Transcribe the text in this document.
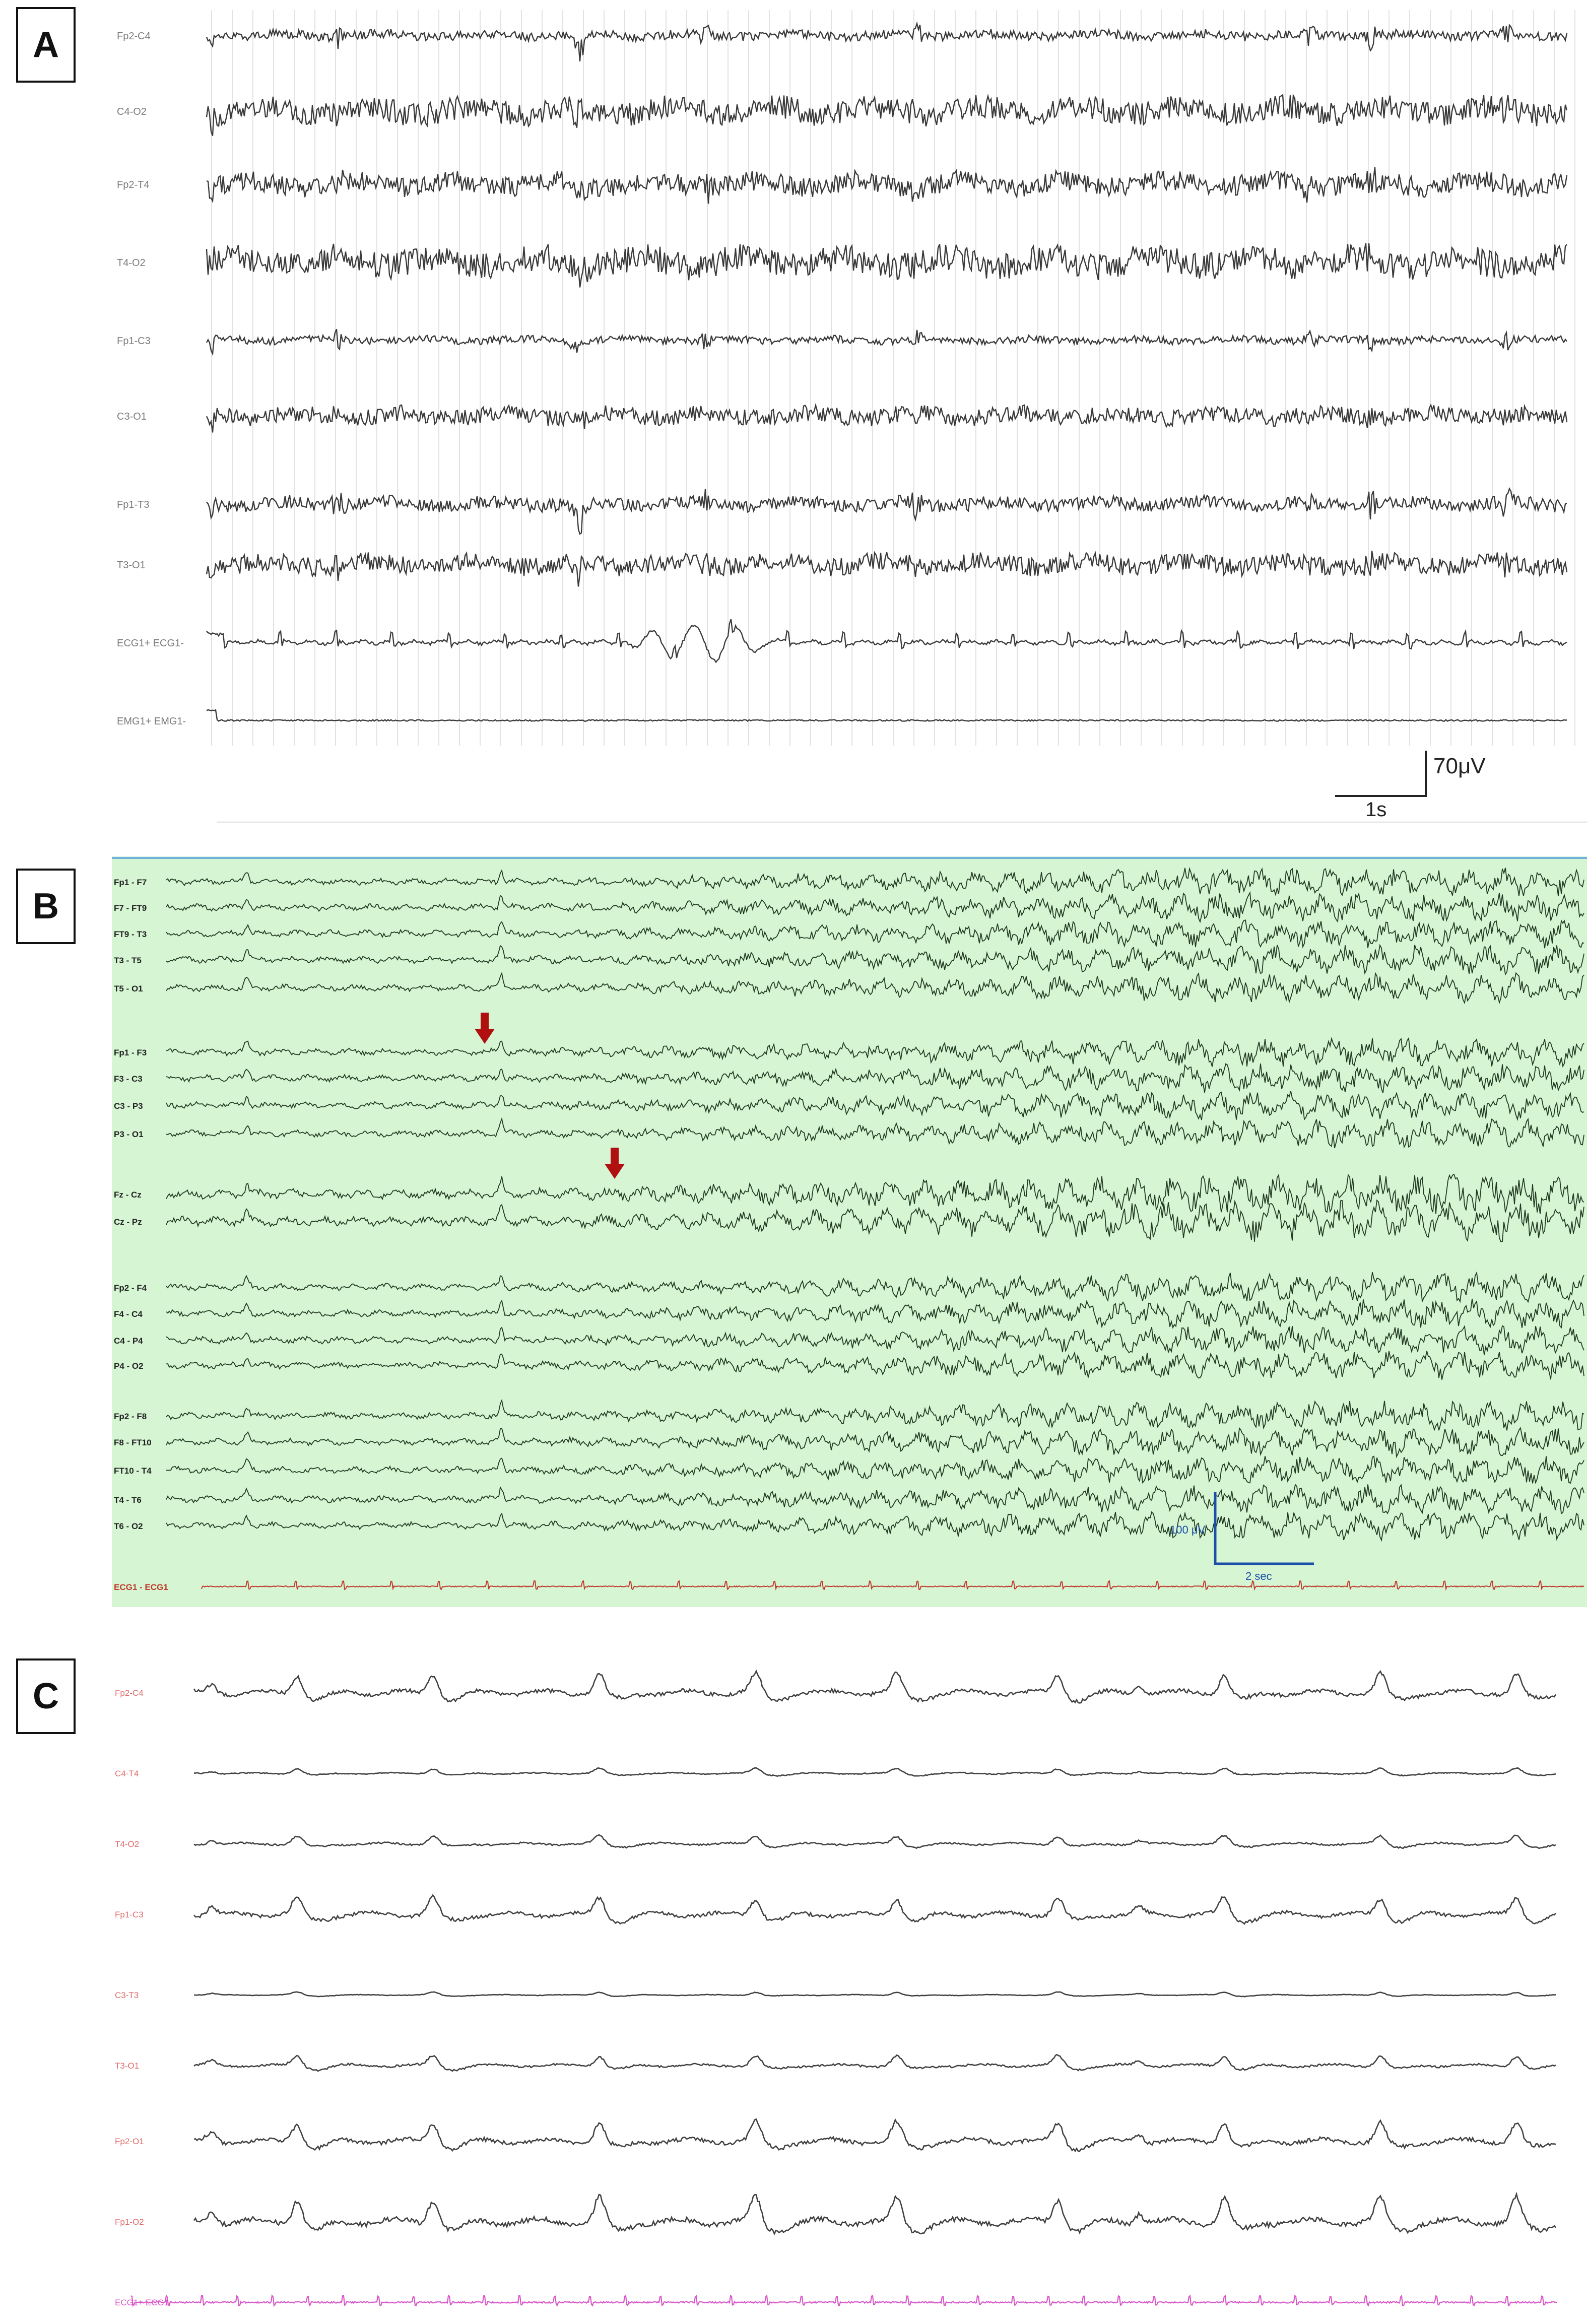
A	Fp2-C4
C4-O2
Fp2-T4
T4-O2
Fp1-C3
C3-O1
Fp1-T3
T3-O1
ECG1+ ECG1-
EMG1+ EMG1-
70μV
1s
Fp1 - F7
F7 - FT9
FT9 - T3
T3 - T5
T5 - O1
Fp1 - F3
F3 - C3
C3 - P3
P3 - O1
Fz - Cz
Cz - Pz
Fp2 - F4
F4 - C4
C4 - P4
P4 - O2
Fp2 - F8
F8 - FT10
FT10 - T4
T4 - T6
T6 - O2
ECG1 - ECG1
100 μV
2 sec
B
Fp2-C4
C4-T4
T4-O2
Fp1-C3
C3-T3
T3-O1
Fp2-O1
Fp1-O2
ECG1+ ECG1-
C
